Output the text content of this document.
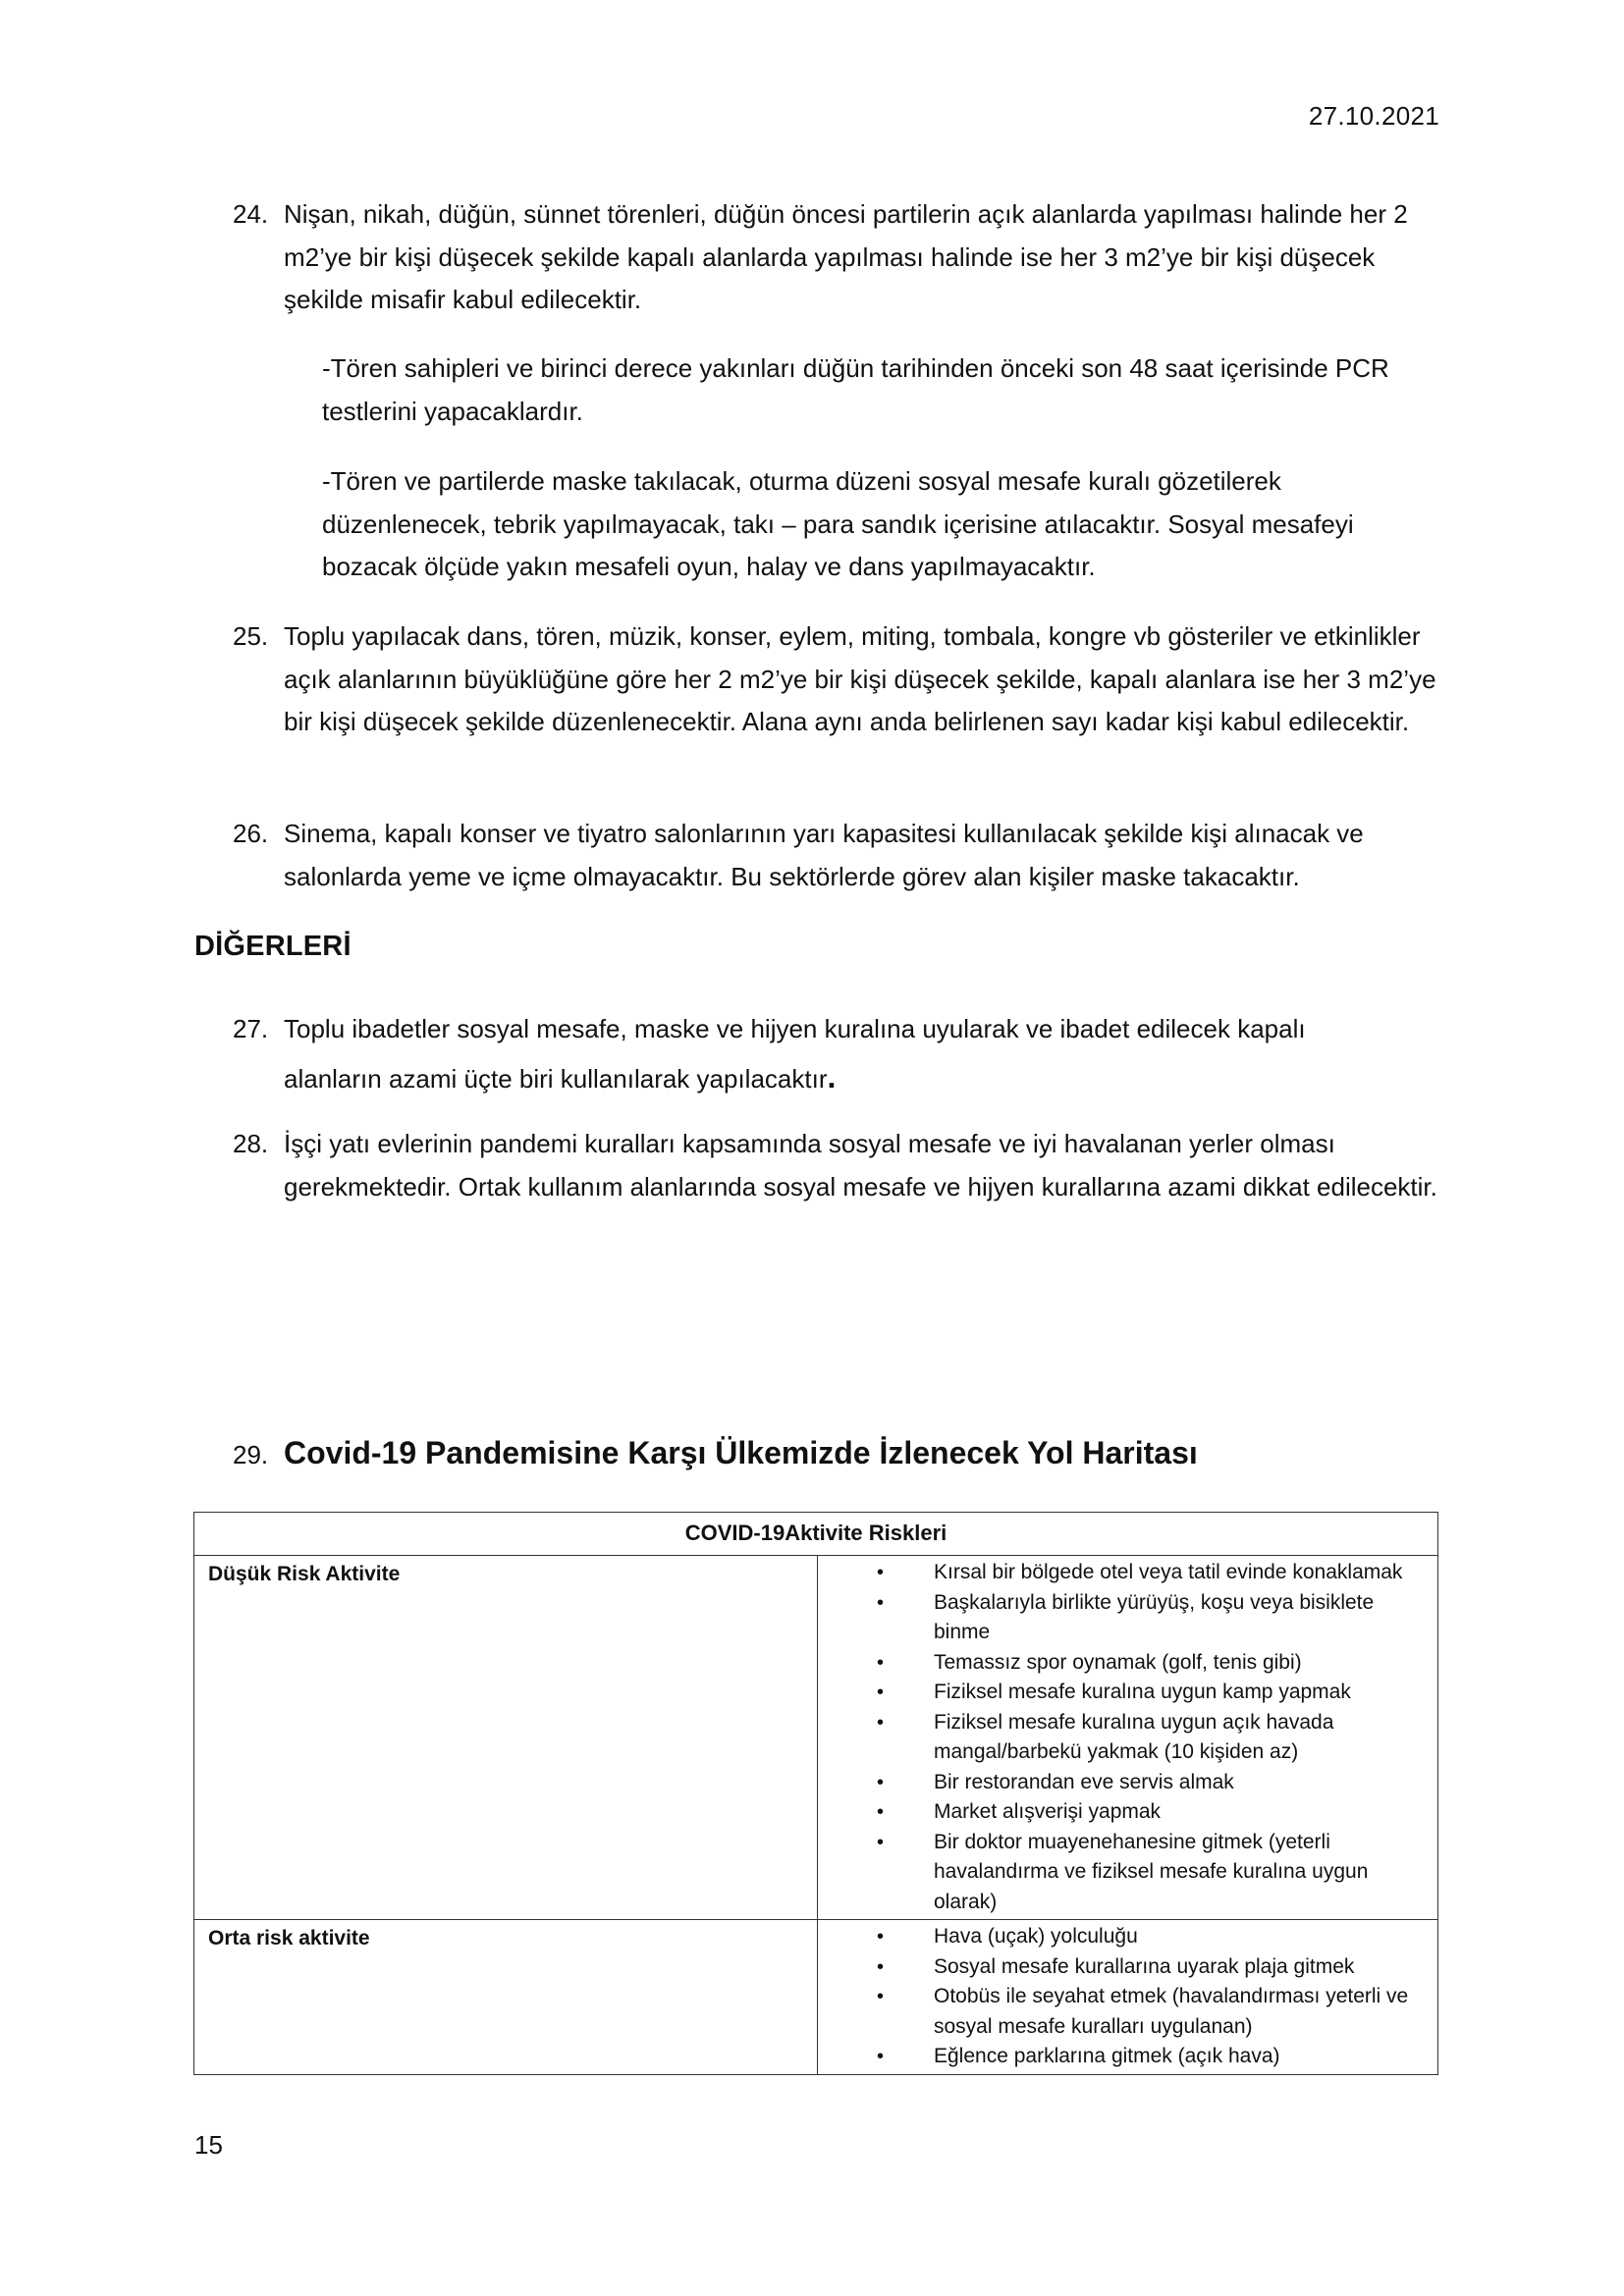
27.10.2021
24. Nişan, nikah, düğün, sünnet törenleri, düğün öncesi partilerin açık alanlarda yapılması halinde her 2 m2’ye bir kişi düşecek şekilde kapalı alanlarda yapılması halinde ise her 3 m2’ye bir kişi düşecek şekilde misafir kabul edilecektir.
-Tören sahipleri ve birinci derece yakınları düğün tarihinden önceki son 48 saat içerisinde PCR testlerini yapacaklardır.
-Tören ve partilerde maske takılacak, oturma düzeni sosyal mesafe kuralı gözetilerek düzenlenecek, tebrik yapılmayacak, takı – para sandık içerisine atılacaktır. Sosyal mesafeyi bozacak ölçüde yakın mesafeli oyun, halay ve dans yapılmayacaktır.
25. Toplu yapılacak dans, tören, müzik, konser, eylem, miting, tombala, kongre vb gösteriler ve etkinlikler açık alanlarının büyüklüğüne göre her 2 m2’ye bir kişi düşecek şekilde, kapalı alanlara ise her 3 m2’ye bir kişi düşecek şekilde düzenlenecektir. Alana aynı anda belirlenen sayı kadar kişi kabul edilecektir.
26. Sinema, kapalı konser ve tiyatro salonlarının yarı kapasitesi kullanılacak şekilde kişi alınacak ve salonlarda yeme ve içme olmayacaktır. Bu sektörlerde görev alan kişiler maske takacaktır.
DİĞERLERİ
27. Toplu ibadetler sosyal mesafe, maske ve hijyen kuralına uyularak ve ibadet edilecek kapalı
alanların azami üçte biri kullanılarak yapılacaktır.
28. İşçi yatı evlerinin pandemi kuralları kapsamında sosyal mesafe ve iyi havalanan yerler olması gerekmektedir. Ortak kullanım alanlarında sosyal mesafe ve hijyen kurallarına azami dikkat edilecektir.
29. Covid-19 Pandemisine Karşı Ülkemizde İzlenecek Yol Haritası
COVID-19Aktivite Riskleri	
Düşük Risk Aktivite	• Kırsal bir bölgede otel veya tatil evinde konaklamak
• Başkalarıyla birlikte yürüyüş, koşu veya bisiklete binme
• Temassız spor oynamak (golf, tenis gibi)
• Fiziksel mesafe kuralına uygun kamp yapmak
• Fiziksel mesafe kuralına uygun açık havada mangal/barbekü yakmak (10 kişiden az)
• Bir restorandan eve servis almak
• Market alışverişi yapmak
• Bir doktor muayenehanesine gitmek (yeterli havalandırma ve fiziksel mesafe kuralına uygun olarak)

Orta risk aktivite	• Hava (uçak) yolculuğu
• Sosyal mesafe kurallarına uyarak plaja gitmek
• Otobüs ile seyahat etmek (havalandırması yeterli ve sosyal mesafe kuralları uygulanan)
• Eğlence parklarına gitmek (açık hava)
15
